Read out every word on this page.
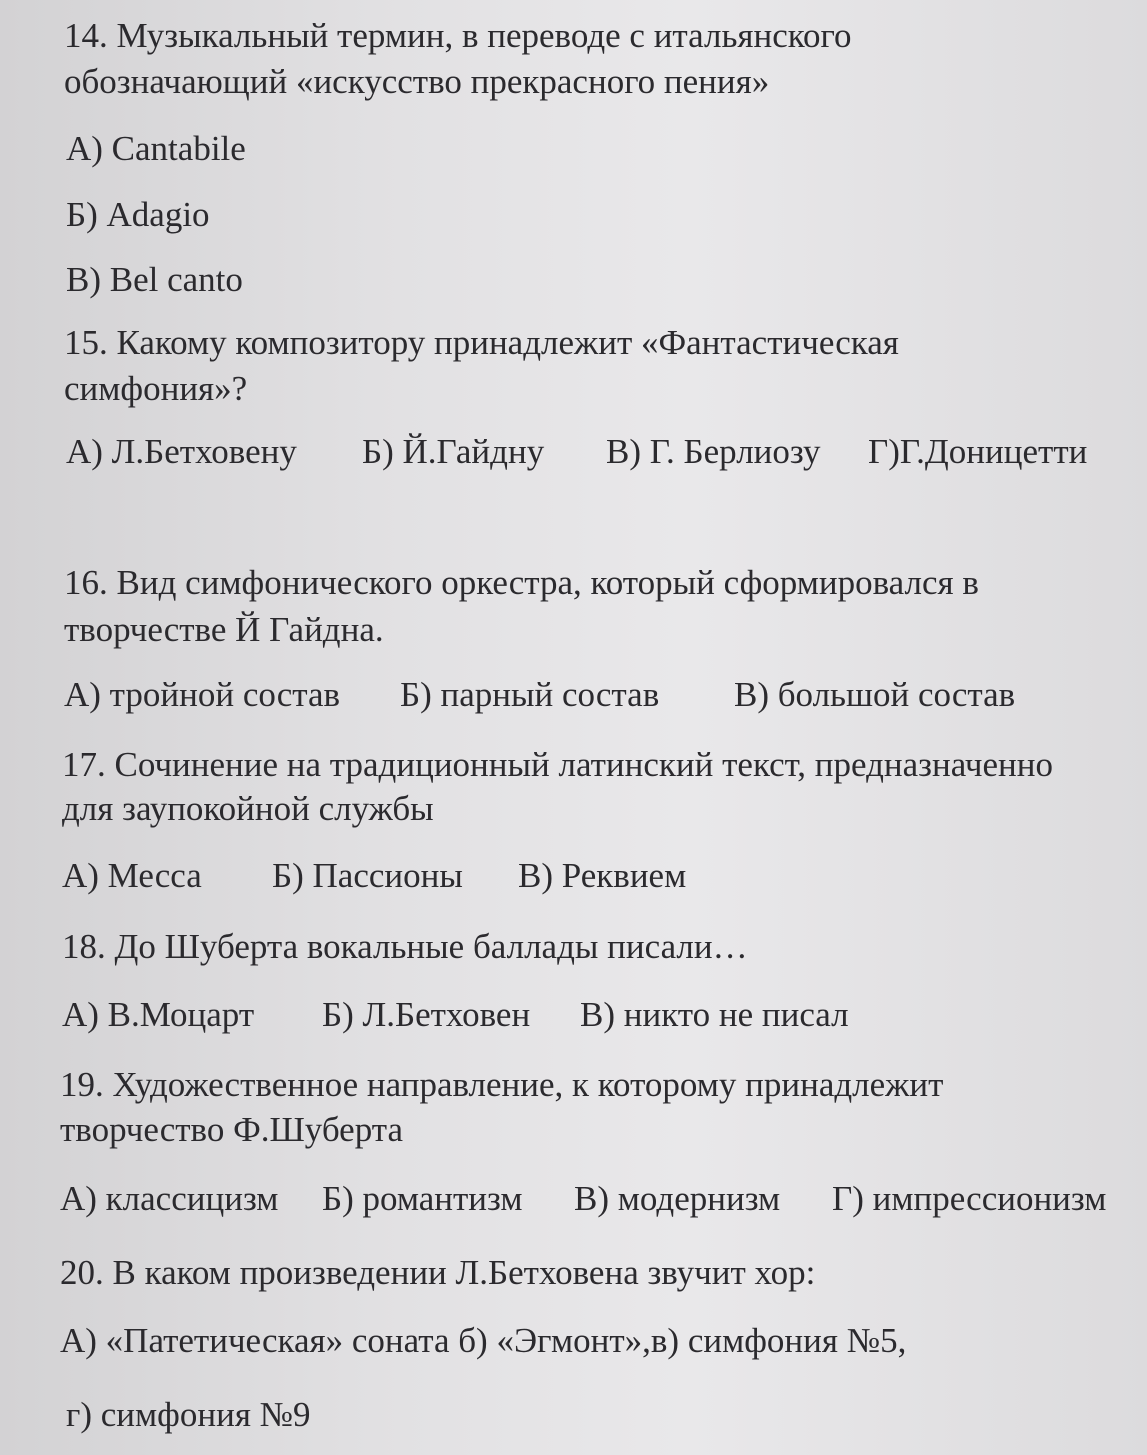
14. Музыкальный термин, в переводе с итальянского
обозначающий «искусство прекрасного пения»
А) Cantabile
Б) Adagio
В) Bel canto
15. Какому композитору принадлежит «Фантастическая
симфония»?
А) Л.Бетховену Б) Й.Гайдну В) Г. Берлиозу Г)Г.Доницетти
16. Вид симфонического оркестра, который сформировался в
творчестве Й Гайдна.
А) тройной состав Б) парный состав В) большой состав
17. Сочинение на традиционный латинский текст, предназначенно
для заупокойной службы
А) Месса Б) Пассионы В) Реквием
18. До Шуберта вокальные баллады писали…
А) В.Моцарт Б) Л.Бетховен В) никто не писал
19. Художественное направление, к которому принадлежит
творчество Ф.Шуберта
А) классицизм Б) романтизм В) модернизм Г) импрессионизм
20. В каком произведении Л.Бетховена звучит хор:
А) «Патетическая» соната б) «Эгмонт»,в) симфония №5,
г) симфония №9
